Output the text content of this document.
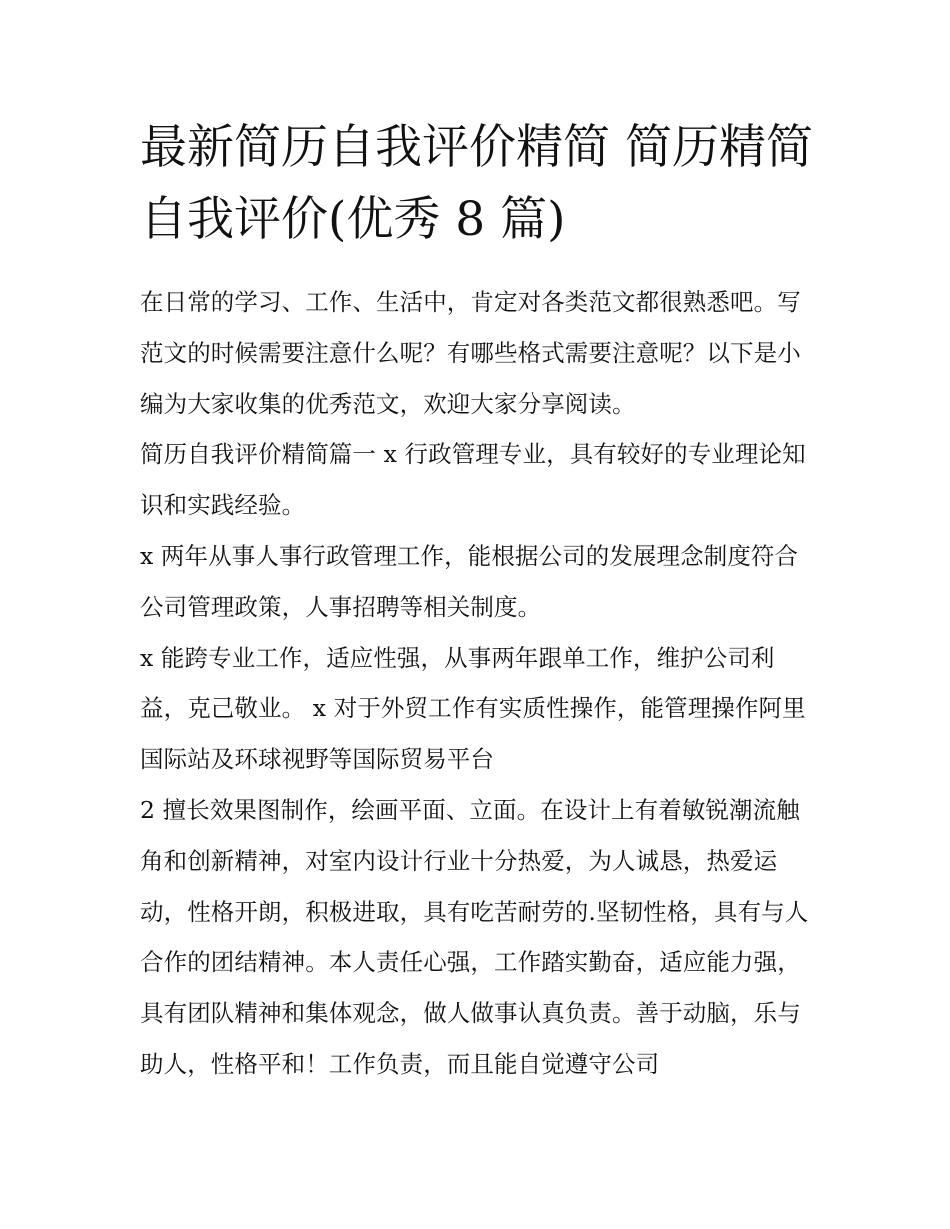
最新简历自我评价精简 简历精简自我评价(优秀 8 篇)

在日常的学习、工作、生活中，肯定对各类范文都很熟悉吧。写范文的时候需要注意什么呢？有哪些格式需要注意呢？以下是小编为大家收集的优秀范文，欢迎大家分享阅读。

简历自我评价精简篇一 x 行政管理专业，具有较好的专业理论知识和实践经验。

x 两年从事人事行政管理工作，能根据公司的发展理念制度符合公司管理政策，人事招聘等相关制度。

x 能跨专业工作，适应性强，从事两年跟单工作，维护公司利益，克己敬业。 x 对于外贸工作有实质性操作，能管理操作阿里国际站及环球视野等国际贸易平台

2 擅长效果图制作，绘画平面、立面。在设计上有着敏锐潮流触角和创新精神，对室内设计行业十分热爱，为人诚恳，热爱运动，性格开朗，积极进取，具有吃苦耐劳的.坚韧性格，具有与人合作的团结精神。本人责任心强，工作踏实勤奋，适应能力强，具有团队精神和集体观念，做人做事认真负责。善于动脑，乐与助人，性格平和！工作负责，而且能自觉遵守公司
